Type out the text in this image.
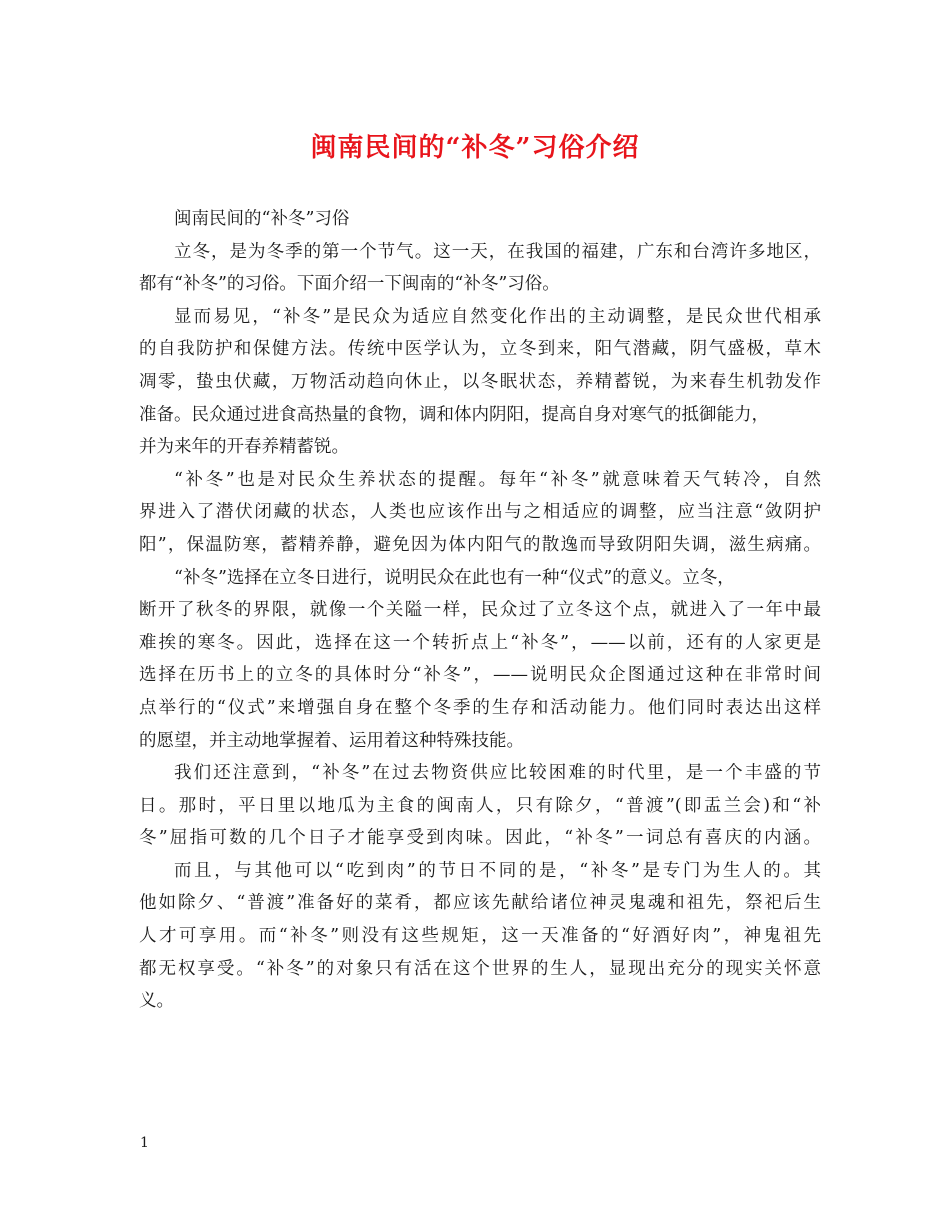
闽南民间的“补冬”习俗介绍

闽南民间的“补冬”习俗

立冬，是为冬季的第一个节气。这一天，在我国的福建，广东和台湾许多地区，
都有“补冬”的习俗。下面介绍一下闽南的“补冬”习俗。

显而易见，“补冬”是民众为适应自然变化作出的主动调整，是民众世代相承
的自我防护和保健方法。传统中医学认为，立冬到来，阳气潜藏，阴气盛极，草木
凋零，蛰虫伏藏，万物活动趋向休止，以冬眠状态，养精蓄锐，为来春生机勃发作
准备。民众通过进食高热量的食物，调和体内阴阳，提高自身对寒气的抵御能力，
并为来年的开春养精蓄锐。

“补冬”也是对民众生养状态的提醒。每年“补冬”就意味着天气转冷，自然
界进入了潜伏闭藏的状态，人类也应该作出与之相适应的调整，应当注意“敛阴护
阳”，保温防寒，蓄精养静，避免因为体内阳气的散逸而导致阴阳失调，滋生病痛。

“补冬”选择在立冬日进行，说明民众在此也有一种“仪式”的意义。立冬，
断开了秋冬的界限，就像一个关隘一样，民众过了立冬这个点，就进入了一年中最
难挨的寒冬。因此，选择在这一个转折点上“补冬”，——以前，还有的人家更是
选择在历书上的立冬的具体时分“补冬”，——说明民众企图通过这种在非常时间
点举行的“仪式”来增强自身在整个冬季的生存和活动能力。他们同时表达出这样
的愿望，并主动地掌握着、运用着这种特殊技能。

我们还注意到，“补冬”在过去物资供应比较困难的时代里，是一个丰盛的节
日。那时，平日里以地瓜为主食的闽南人，只有除夕，“普渡”(即盂兰会)和“补
冬”屈指可数的几个日子才能享受到肉味。因此，“补冬”一词总有喜庆的内涵。

而且，与其他可以“吃到肉”的节日不同的是，“补冬”是专门为生人的。其
他如除夕、“普渡”准备好的菜肴，都应该先献给诸位神灵鬼魂和祖先，祭祀后生
人才可享用。而“补冬”则没有这些规矩，这一天准备的“好酒好肉”，神鬼祖先
都无权享受。“补冬”的对象只有活在这个世界的生人，显现出充分的现实关怀意
义。

1
